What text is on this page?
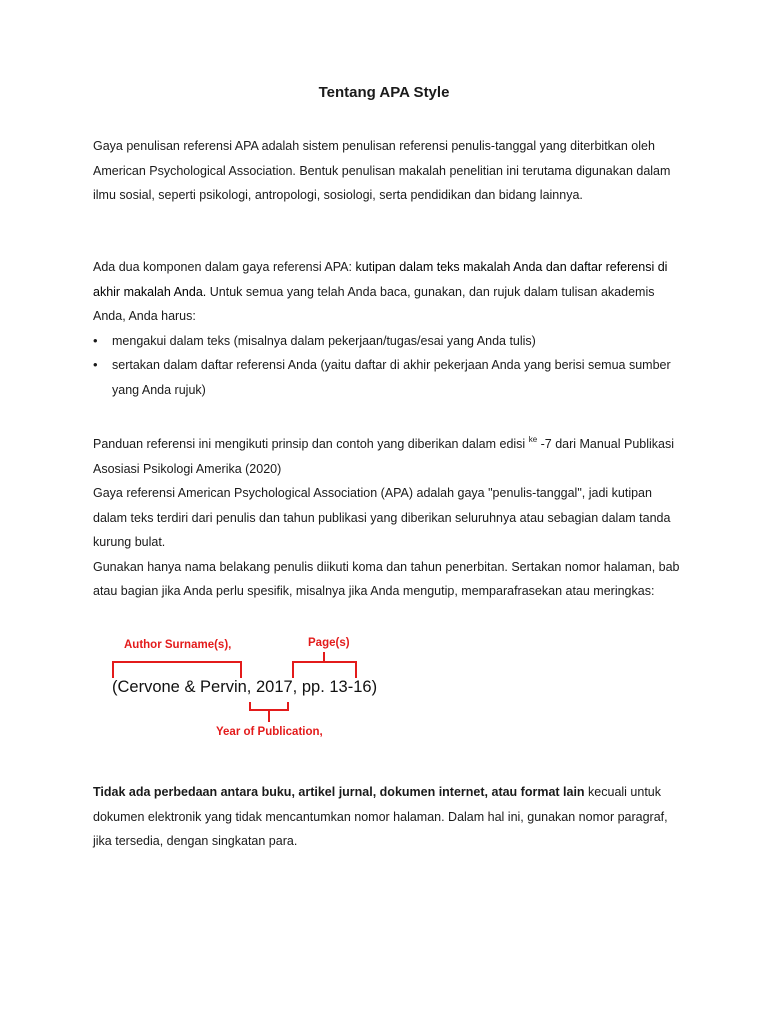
Tentang APA Style

Gaya penulisan referensi APA adalah sistem penulisan referensi penulis-tanggal yang diterbitkan oleh American Psychological Association. Bentuk penulisan makalah penelitian ini terutama digunakan dalam ilmu sosial, seperti psikologi, antropologi, sosiologi, serta pendidikan dan bidang lainnya.

Ada dua komponen dalam gaya referensi APA: kutipan dalam teks makalah Anda dan daftar referensi di akhir makalah Anda. Untuk semua yang telah Anda baca, gunakan, dan rujuk dalam tulisan akademis Anda, Anda harus:

• mengakui dalam teks (misalnya dalam pekerjaan/tugas/esai yang Anda tulis)
• sertakan dalam daftar referensi Anda (yaitu daftar di akhir pekerjaan Anda yang berisi semua sumber yang Anda rujuk)

Panduan referensi ini mengikuti prinsip dan contoh yang diberikan dalam edisi $^{ke}$ -7 dari Manual Publikasi Asosiasi Psikologi Amerika (2020)

Gaya referensi American Psychological Association (APA) adalah gaya "penulis-tanggal", jadi kutipan dalam teks terdiri dari penulis dan tahun publikasi yang diberikan seluruhnya atau sebagian dalam tanda kurung bulat.

Gunakan hanya nama belakang penulis diikuti koma dan tahun penerbitan. Sertakan nomor halaman, bab atau bagian jika Anda perlu spesifik, misalnya jika Anda mengutip, memparafrasekan atau meringkas:

Author Surname(s),	Page(s)
(Cervone & Pervin, 2017, pp. 13-16)
Year of Publication,

Tidak ada perbedaan antara buku, artikel jurnal, dokumen internet, atau format lain kecuali untuk dokumen elektronik yang tidak mencantumkan nomor halaman. Dalam hal ini, gunakan nomor paragraf, jika tersedia, dengan singkatan para.
